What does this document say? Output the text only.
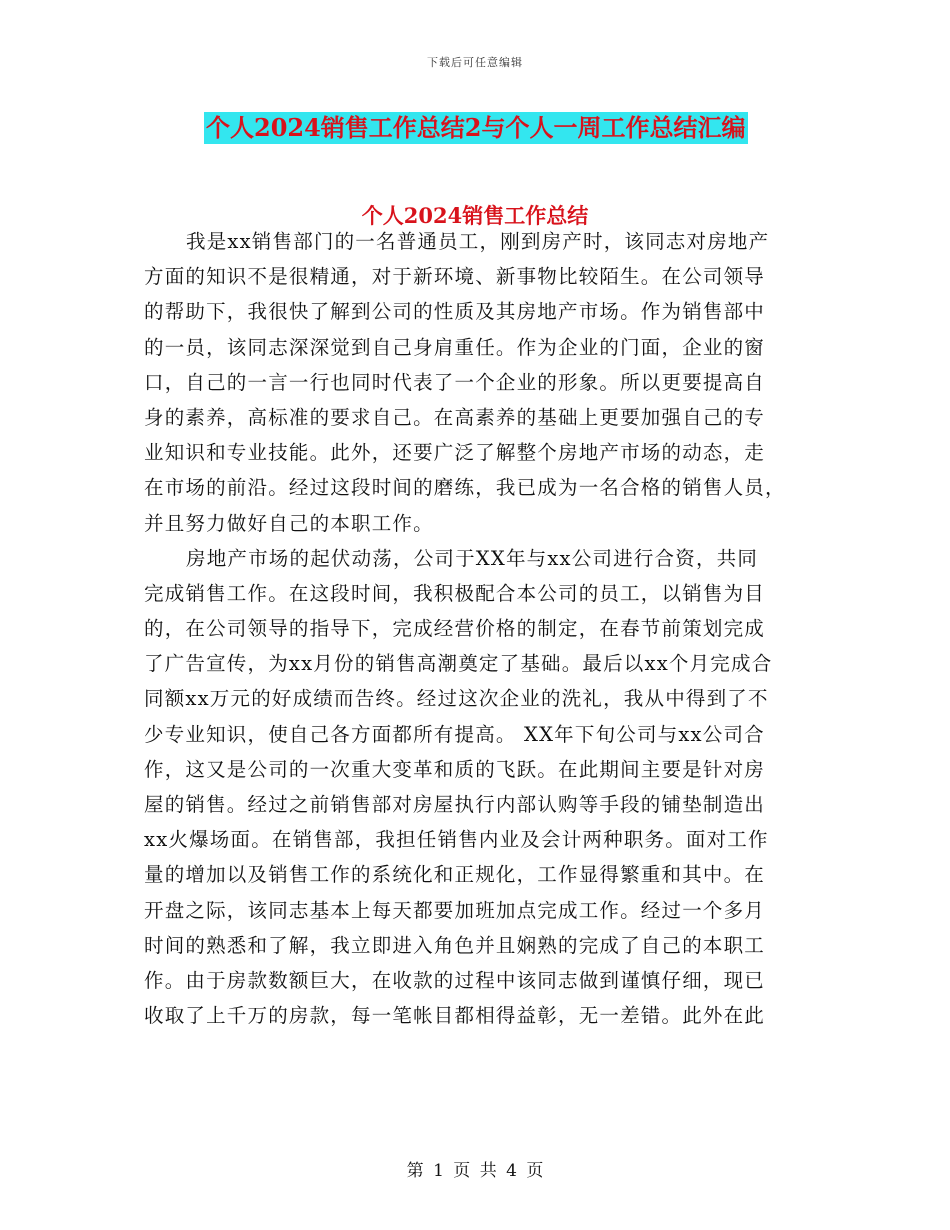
下载后可任意编辑
个人2024销售工作总结2与个人一周工作总结汇编
个人2024销售工作总结
我是xx销售部门的一名普通员工，刚到房产时，该同志对房地产
方面的知识不是很精通，对于新环境、新事物比较陌生。在公司领导
的帮助下，我很快了解到公司的性质及其房地产市场。作为销售部中
的一员，该同志深深觉到自己身肩重任。作为企业的门面，企业的窗
口，自己的一言一行也同时代表了一个企业的形象。所以更要提高自
身的素养，高标准的要求自己。在高素养的基础上更要加强自己的专
业知识和专业技能。此外，还要广泛了解整个房地产市场的动态，走
在市场的前沿。经过这段时间的磨练，我已成为一名合格的销售人员，
并且努力做好自己的本职工作。
房地产市场的起伏动荡，公司于XX年与xx公司进行合资，共同
完成销售工作。在这段时间，我积极配合本公司的员工，以销售为目
的，在公司领导的指导下，完成经营价格的制定，在春节前策划完成
了广告宣传，为xx月份的销售高潮奠定了基础。最后以xx个月完成合
同额xx万元的好成绩而告终。经过这次企业的洗礼，我从中得到了不
少专业知识，使自己各方面都所有提高。 XX年下旬公司与xx公司合
作，这又是公司的一次重大变革和质的飞跃。在此期间主要是针对房
屋的销售。经过之前销售部对房屋执行内部认购等手段的铺垫制造出
xx火爆场面。在销售部，我担任销售内业及会计两种职务。面对工作
量的增加以及销售工作的系统化和正规化，工作显得繁重和其中。在
开盘之际，该同志基本上每天都要加班加点完成工作。经过一个多月
时间的熟悉和了解，我立即进入角色并且娴熟的完成了自己的本职工
作。由于房款数额巨大，在收款的过程中该同志做到谨慎仔细，现已
收取了上千万的房款，每一笔帐目都相得益彰，无一差错。此外在此
第 1 页 共 4 页
